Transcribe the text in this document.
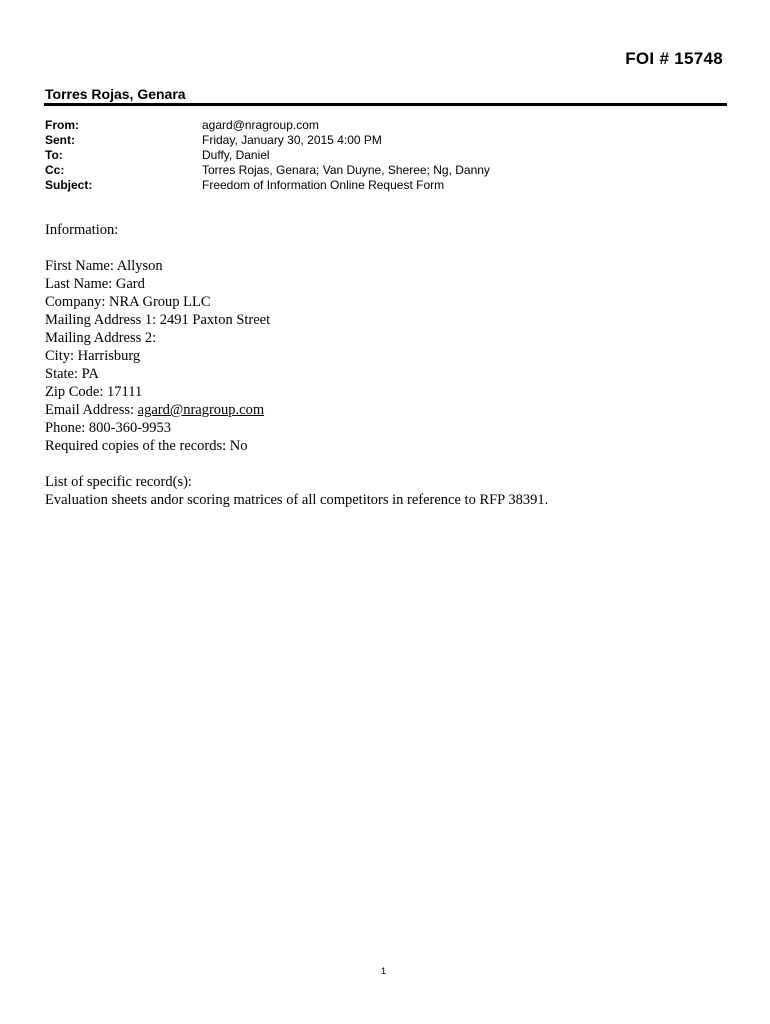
FOI # 15748
Torres Rojas, Genara
From:	agard@nragroup.com
Sent:	Friday, January 30, 2015 4:00 PM
To:	Duffy, Daniel
Cc:	Torres Rojas, Genara; Van Duyne, Sheree; Ng, Danny
Subject:	Freedom of Information Online Request Form
Information:
First Name: Allyson
Last Name: Gard
Company: NRA Group LLC
Mailing Address 1: 2491 Paxton Street
Mailing Address 2:
City: Harrisburg
State: PA
Zip Code: 17111
Email Address: agard@nragroup.com
Phone: 800-360-9953
Required copies of the records: No
List of specific record(s):
Evaluation sheets andor scoring matrices of all competitors in reference to RFP 38391.
1
